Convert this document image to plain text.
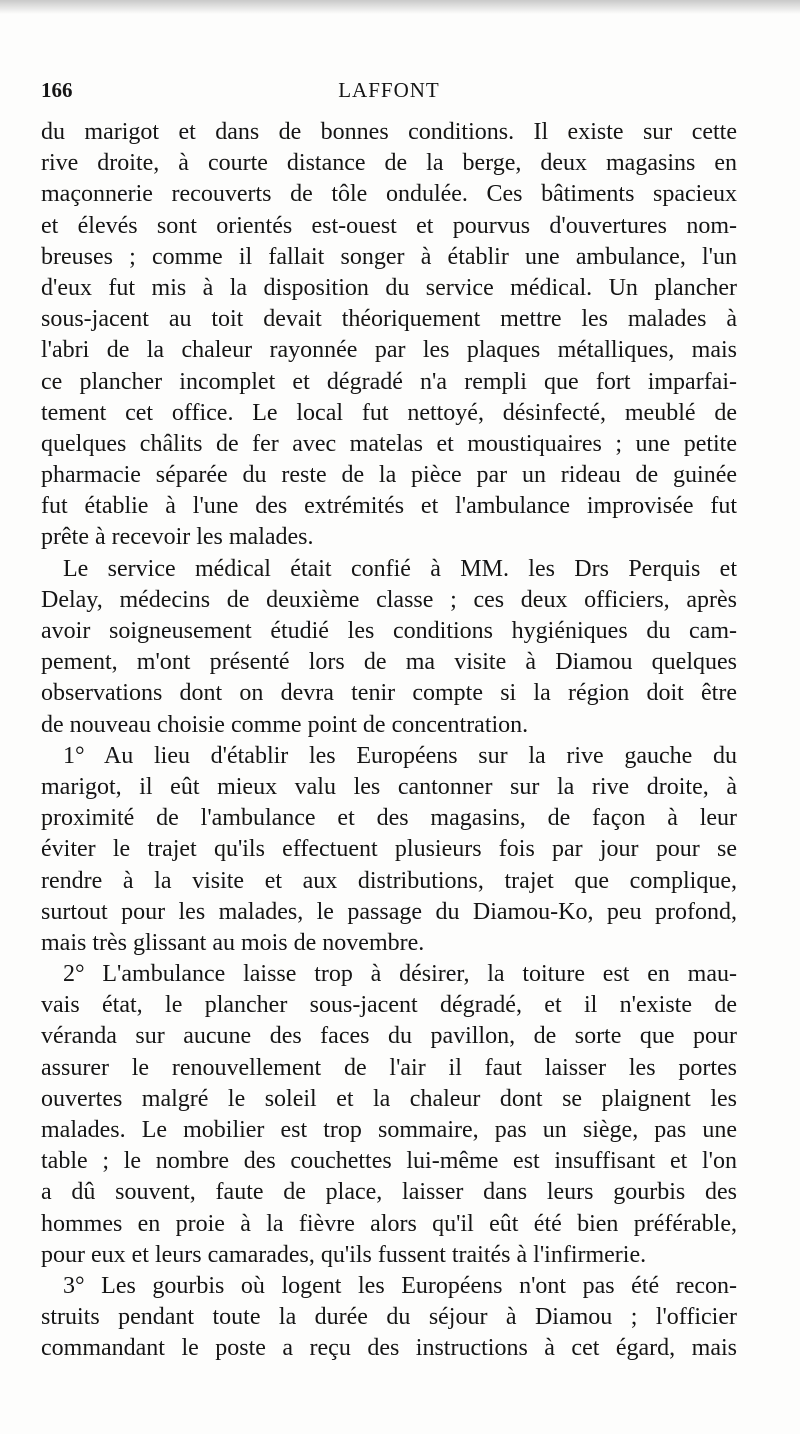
166	LAFFONT
du marigot et dans de bonnes conditions. Il existe sur cette
rive droite, à courte distance de la berge, deux magasins en
maçonnerie recouverts de tôle ondulée. Ces bâtiments spacieux
et élevés sont orientés est-ouest et pourvus d'ouvertures nom-
breuses ; comme il fallait songer à établir une ambulance, l'un
d'eux fut mis à la disposition du service médical. Un plancher
sous-jacent au toit devait théoriquement mettre les malades à
l'abri de la chaleur rayonnée par les plaques métalliques, mais
ce plancher incomplet et dégradé n'a rempli que fort imparfai-
tement cet office. Le local fut nettoyé, désinfecté, meublé de
quelques châlits de fer avec matelas et moustiquaires ; une petite
pharmacie séparée du reste de la pièce par un rideau de guinée
fut établie à l'une des extrémités et l'ambulance improvisée fut
prête à recevoir les malades.
Le service médical était confié à MM. les Drs Perquis et
Delay, médecins de deuxième classe ; ces deux officiers, après
avoir soigneusement étudié les conditions hygiéniques du cam-
pement, m'ont présenté lors de ma visite à Diamou quelques
observations dont on devra tenir compte si la région doit être
de nouveau choisie comme point de concentration.
1° Au lieu d'établir les Européens sur la rive gauche du
marigot, il eût mieux valu les cantonner sur la rive droite, à
proximité de l'ambulance et des magasins, de façon à leur
éviter le trajet qu'ils effectuent plusieurs fois par jour pour se
rendre à la visite et aux distributions, trajet que complique,
surtout pour les malades, le passage du Diamou-Ko, peu profond,
mais très glissant au mois de novembre.
2° L'ambulance laisse trop à désirer, la toiture est en mau-
vais état, le plancher sous-jacent dégradé, et il n'existe de
véranda sur aucune des faces du pavillon, de sorte que pour
assurer le renouvellement de l'air il faut laisser les portes
ouvertes malgré le soleil et la chaleur dont se plaignent les
malades. Le mobilier est trop sommaire, pas un siège, pas une
table ; le nombre des couchettes lui-même est insuffisant et l'on
a dû souvent, faute de place, laisser dans leurs gourbis des
hommes en proie à la fièvre alors qu'il eût été bien préférable,
pour eux et leurs camarades, qu'ils fussent traités à l'infirmerie.
3° Les gourbis où logent les Européens n'ont pas été recon-
struits pendant toute la durée du séjour à Diamou ; l'officier
commandant le poste a reçu des instructions à cet égard, mais
